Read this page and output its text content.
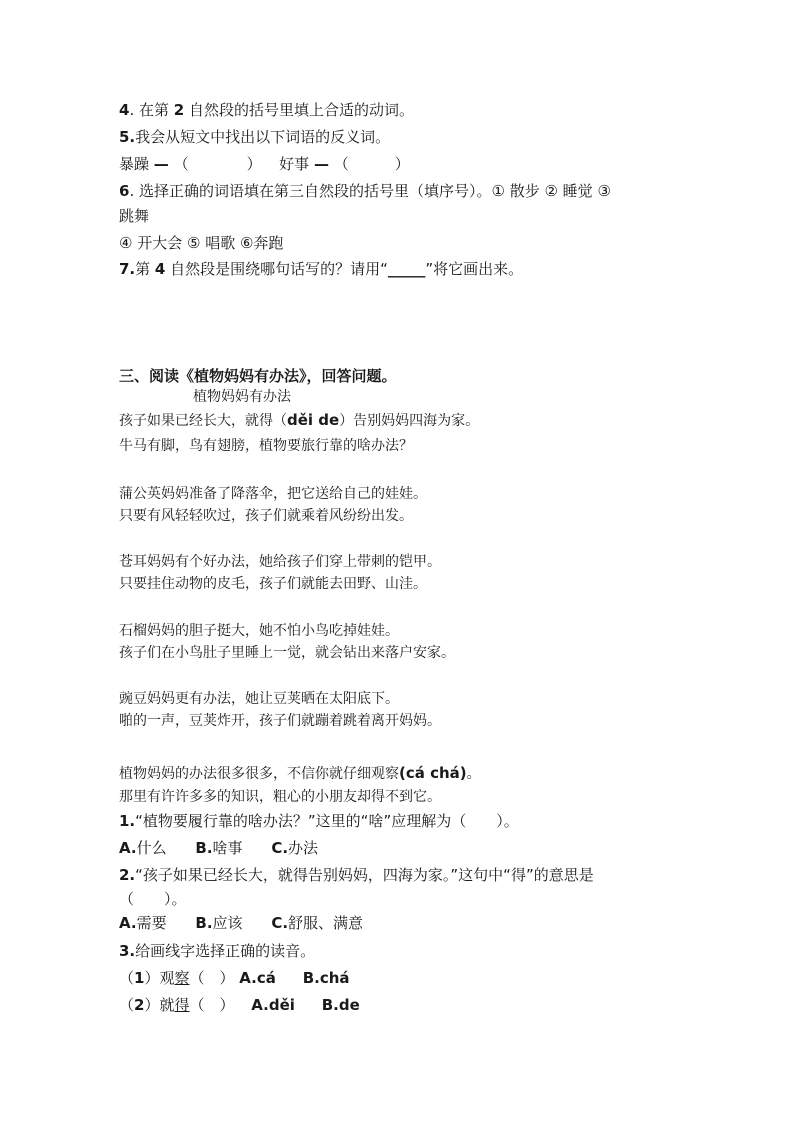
4. 在第 2 自然段的括号里填上合适的动词。
5.我会从短文中找出以下词语的反义词。
暴躁 — （	） 好事 — （	）
6. 选择正确的词语填在第三自然段的括号里（填序号）。① 散步 ② 睡觉 ③
跳舞
④ 开大会 ⑤ 唱歌 ⑥奔跑
7.第 4 自然段是围绕哪句话写的？请用“_____”将它画出来。
三、阅读《植物妈妈有办法》，回答问题。
植物妈妈有办法
孩子如果已经长大，就得（děi de）告别妈妈四海为家。
牛马有脚，鸟有翅膀，植物要旅行靠的啥办法？
蒲公英妈妈准备了降落伞，把它送给自己的娃娃。
只要有风轻轻吹过，孩子们就乘着风纷纷出发。
苍耳妈妈有个好办法，她给孩子们穿上带刺的铠甲。
只要挂住动物的皮毛，孩子们就能去田野、山洼。
石榴妈妈的胆子挺大，她不怕小鸟吃掉娃娃。
孩子们在小鸟肚子里睡上一觉，就会钻出来落户安家。
豌豆妈妈更有办法，她让豆荚晒在太阳底下。
啪的一声，豆荚炸开，孩子们就蹦着跳着离开妈妈。
植物妈妈的办法很多很多，不信你就仔细观察(cá chá)。
那里有许许多多的知识，粗心的小朋友却得不到它。
1.“植物要履行靠的啥办法？”这里的“啥”应理解为（　　）。
A.什么 B.啥事 C.办法
2.“孩子如果已经长大，就得告别妈妈，四海为家。”这句中“得”的意思是
（　　）。
A.需要 B.应该 C.舒服、满意
3.给画线字选择正确的读音。
（1）观察（　） A.cá B.chá
（2）就得（　） A.děi B.de
